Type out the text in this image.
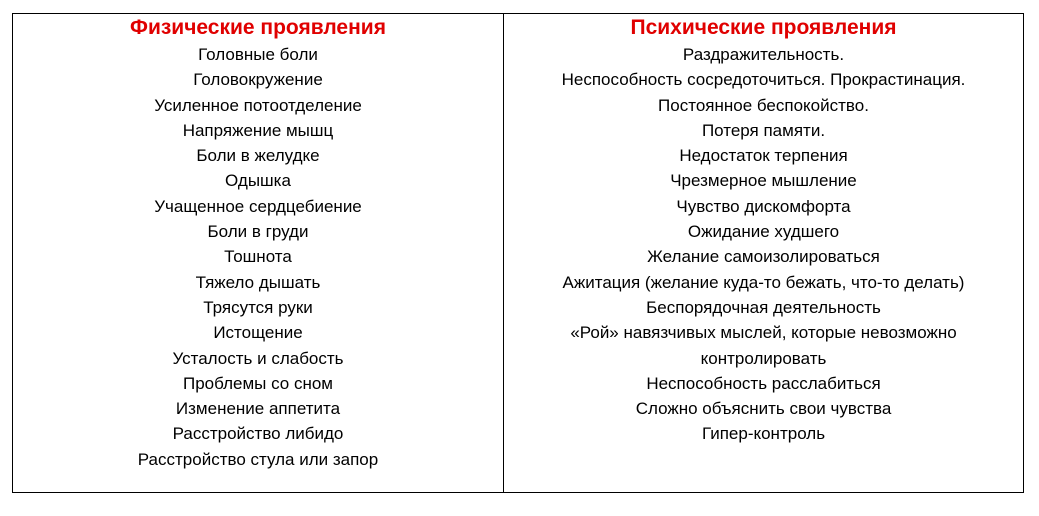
Физические проявления
Головные боли
Головокружение
Усиленное потоотделение
Напряжение мышц
Боли в желудке
Одышка
Учащенное сердцебиение
Боли в груди
Тошнота
Тяжело дышать
Трясутся руки
Истощение
Усталость и слабость
Проблемы со сном
Изменение аппетита
Расстройство либидо
Расстройство стула или запор
Психические проявления
Раздражительность.
Неспособность сосредоточиться. Прокрастинация.
Постоянное беспокойство.
Потеря памяти.
Недостаток терпения
Чрезмерное мышление
Чувство дискомфорта
Ожидание худшего
Желание самоизолироваться
Ажитация (желание куда-то бежать, что-то делать)
Беспорядочная деятельность
«Рой» навязчивых мыслей, которые невозможно
контролировать
Неспособность расслабиться
Сложно объяснить свои чувства
Гипер-контроль
